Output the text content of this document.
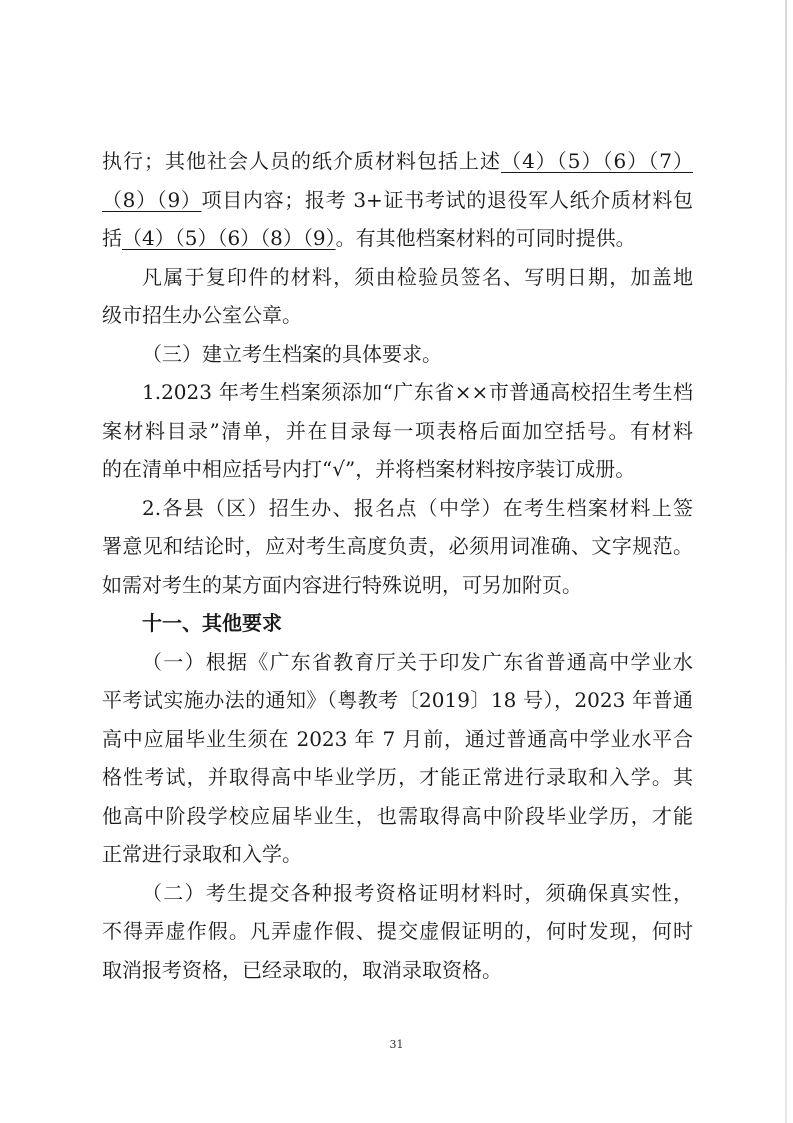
执行；其他社会人员的纸介质材料包括上述（4）（5）（6）（7）
（8）（9）项目内容；报考 3+证书考试的退役军人纸介质材料包
括（4）（5）（6）（8）（9）。有其他档案材料的可同时提供。
凡属于复印件的材料，须由检验员签名、写明日期，加盖地
级市招生办公室公章。
（三）建立考生档案的具体要求。
1.2023 年考生档案须添加“广东省××市普通高校招生考生档
案材料目录”清单，并在目录每一项表格后面加空括号。有材料
的在清单中相应括号内打“√”，并将档案材料按序装订成册。
2.各县（区）招生办、报名点（中学）在考生档案材料上签
署意见和结论时，应对考生高度负责，必须用词准确、文字规范。
如需对考生的某方面内容进行特殊说明，可另加附页。
十一、其他要求
（一）根据《广东省教育厅关于印发广东省普通高中学业水
平考试实施办法的通知》（粤教考〔2019〕18 号），2023 年普通
高中应届毕业生须在 2023 年 7 月前，通过普通高中学业水平合
格性考试，并取得高中毕业学历，才能正常进行录取和入学。其
他高中阶段学校应届毕业生，也需取得高中阶段毕业学历，才能
正常进行录取和入学。
（二）考生提交各种报考资格证明材料时，须确保真实性，
不得弄虚作假。凡弄虚作假、提交虚假证明的，何时发现，何时
取消报考资格，已经录取的，取消录取资格。
31
